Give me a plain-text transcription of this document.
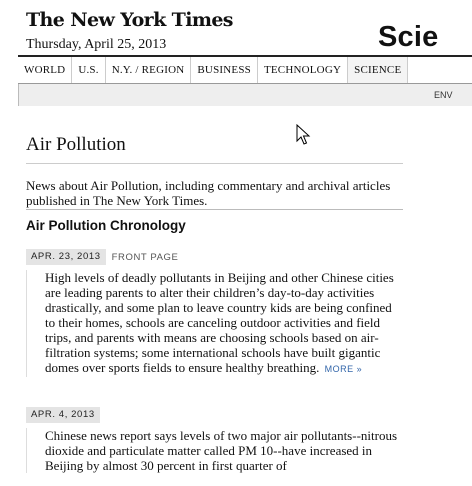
The New York Times
Thursday, April 25, 2013	Scie
WORLD	U.S.	N.Y. / REGION	BUSINESS	TECHNOLOGY	SCIENCE
ENV
Air Pollution
News about Air Pollution, including commentary and archival articles published in The New York Times.
Air Pollution Chronology
APR. 23, 2013	FRONT PAGE
High levels of deadly pollutants in Beijing and other Chinese cities are leading parents to alter their children’s day-to-day activities drastically, and some plan to leave country kids are being confined to their homes, schools are canceling outdoor activities and field trips, and parents with means are choosing schools based on air-filtration systems; some international schools have built gigantic domes over sports fields to ensure healthy breathing. MORE »
APR. 4, 2013
Chinese news report says levels of two major air pollutants--nitrous dioxide and particulate matter called PM 10--have increased in Beijing by almost 30 percent in first quarter of
